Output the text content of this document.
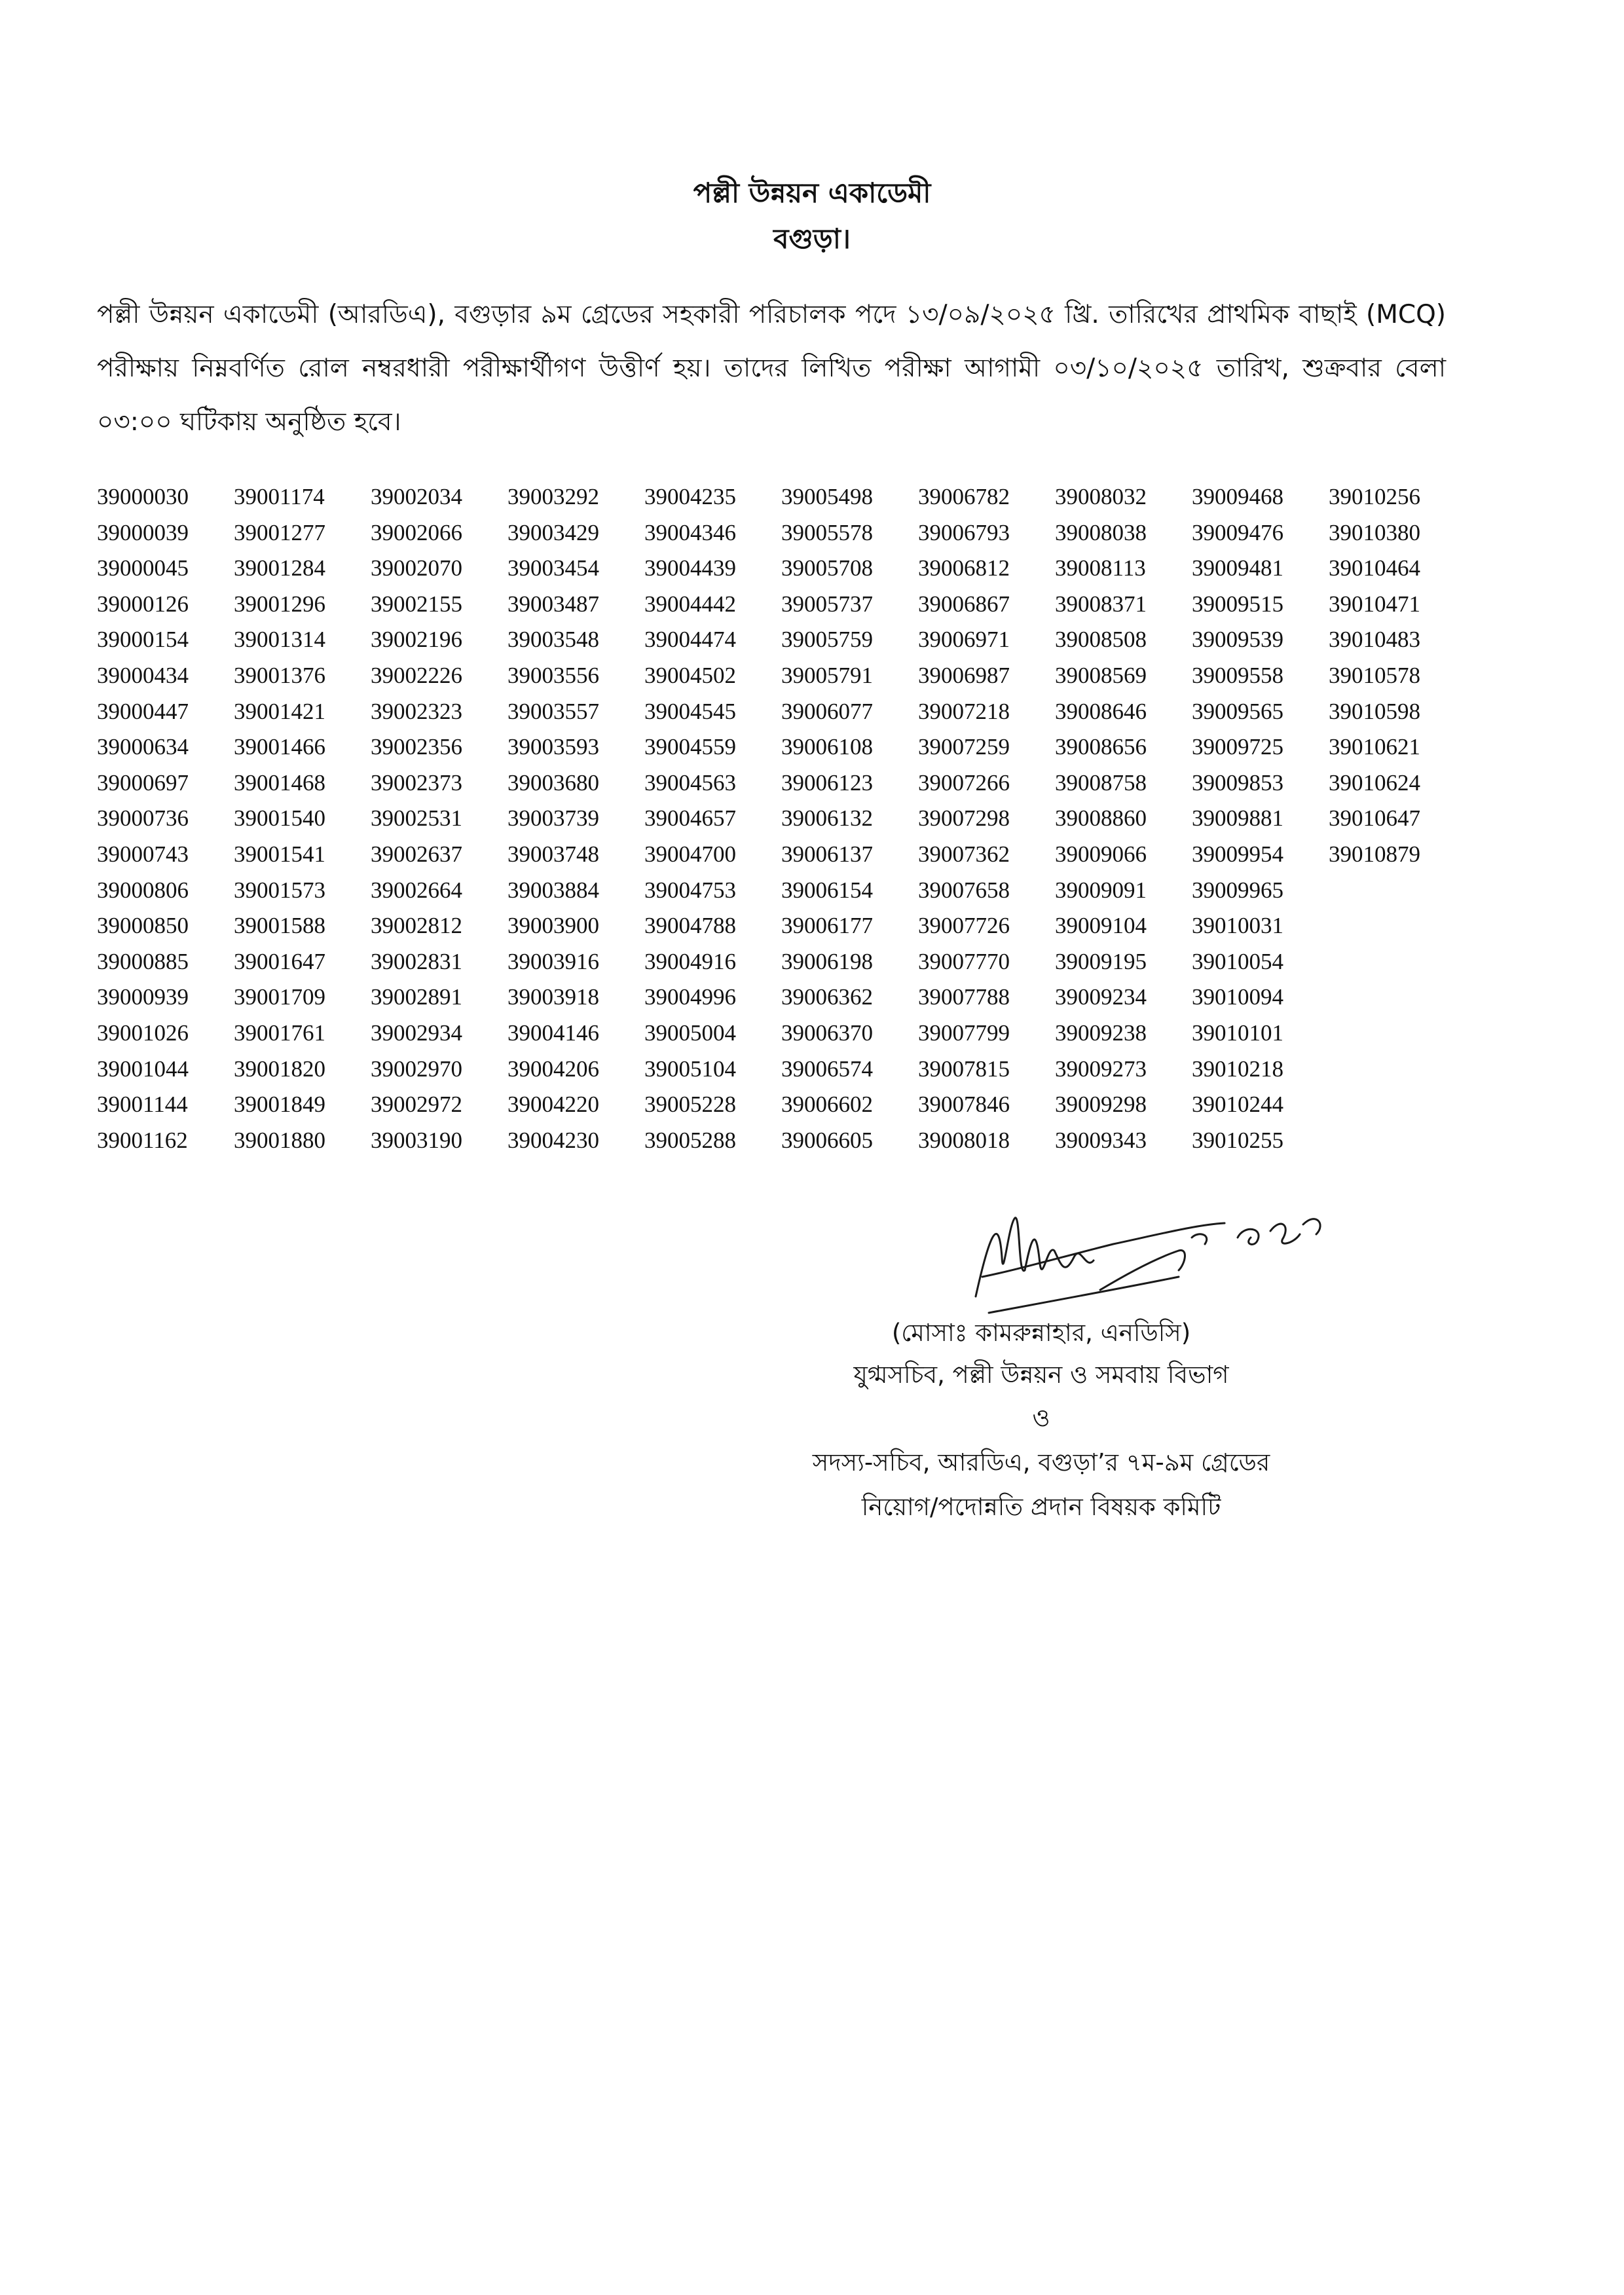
পল্লী উন্নয়ন একাডেমী
বগুড়া।
পল্লী উন্নয়ন একাডেমী (আরডিএ), বগুড়ার ৯ম গ্রেডের সহকারী পরিচালক পদে ১৩/০৯/২০২৫ খ্রি. তারিখের প্রাথমিক বাছাই (MCQ) পরীক্ষায় নিম্নবর্ণিত রোল নম্বরধারী পরীক্ষার্থীগণ উত্তীর্ণ হয়। তাদের লিখিত পরীক্ষা আগামী ০৩/১০/২০২৫ তারিখ, শুক্রবার বেলা ০৩:০০ ঘটিকায় অনুষ্ঠিত হবে।
39000030
39000039
39000045
39000126
39000154
39000434
39000447
39000634
39000697
39000736
39000743
39000806
39000850
39000885
39000939
39001026
39001044
39001144
39001162
39001174
39001277
39001284
39001296
39001314
39001376
39001421
39001466
39001468
39001540
39001541
39001573
39001588
39001647
39001709
39001761
39001820
39001849
39001880
39002034
39002066
39002070
39002155
39002196
39002226
39002323
39002356
39002373
39002531
39002637
39002664
39002812
39002831
39002891
39002934
39002970
39002972
39003190
39003292
39003429
39003454
39003487
39003548
39003556
39003557
39003593
39003680
39003739
39003748
39003884
39003900
39003916
39003918
39004146
39004206
39004220
39004230
39004235
39004346
39004439
39004442
39004474
39004502
39004545
39004559
39004563
39004657
39004700
39004753
39004788
39004916
39004996
39005004
39005104
39005228
39005288
39005498
39005578
39005708
39005737
39005759
39005791
39006077
39006108
39006123
39006132
39006137
39006154
39006177
39006198
39006362
39006370
39006574
39006602
39006605
39006782
39006793
39006812
39006867
39006971
39006987
39007218
39007259
39007266
39007298
39007362
39007658
39007726
39007770
39007788
39007799
39007815
39007846
39008018
39008032
39008038
39008113
39008371
39008508
39008569
39008646
39008656
39008758
39008860
39009066
39009091
39009104
39009195
39009234
39009238
39009273
39009298
39009343
39009468
39009476
39009481
39009515
39009539
39009558
39009565
39009725
39009853
39009881
39009954
39009965
39010031
39010054
39010094
39010101
39010218
39010244
39010255
39010256
39010380
39010464
39010471
39010483
39010578
39010598
39010621
39010624
39010647
39010879
(মোসাঃ কামরুন্নাহার, এনডিসি)
যুগ্মসচিব, পল্লী উন্নয়ন ও সমবায় বিভাগ
ও
সদস্য-সচিব, আরডিএ, বগুড়া’র ৭ম-৯ম গ্রেডের
নিয়োগ/পদোন্নতি প্রদান বিষয়ক কমিটি
